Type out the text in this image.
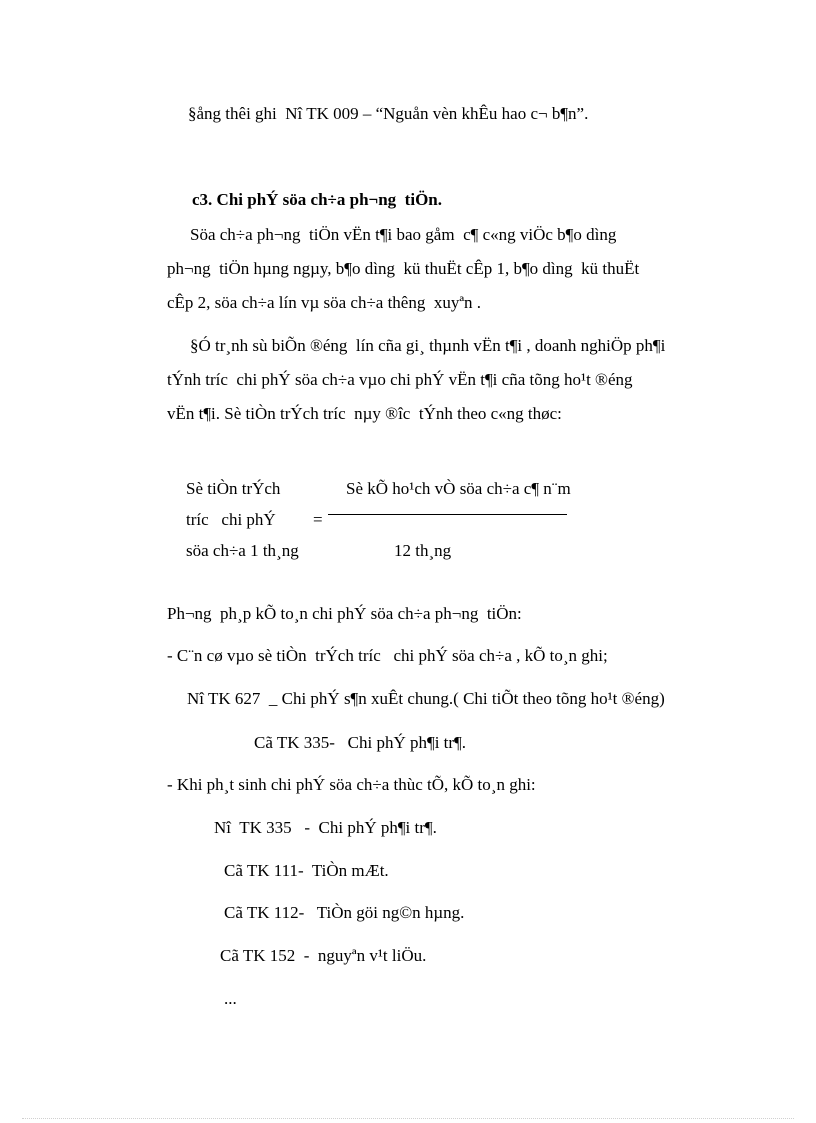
§ång thêi ghi  Nî TK 009 – “Nguån vèn khÊu hao c¬ b¶n”.
c3. Chi phÝ söa ch÷a ph¬ng  tiÖn.
Söa ch÷a ph¬ng  tiÖn vËn t¶i bao gåm  c¶ c«ng viÖc b¶o dìng
ph¬ng  tiÖn hµng ngµy, b¶o dìng  kü thuËt cÊp 1, b¶o dìng  kü thuËt
cÊp 2, söa ch÷a lín vµ söa ch÷a thêng  xuyªn .
§Ó tr¸nh sù biÕn ®éng  lín cña gi¸ thµnh vËn t¶i , doanh nghiÖp ph¶i
tÝnh tríc  chi phÝ söa ch÷a vµo chi phÝ vËn t¶i cña tõng ho¹t ®éng
vËn t¶i. Sè tiÒn trÝch tríc  nµy ®îc  tÝnh theo c«ng thøc:
Sè tiÒn trÝch
tríc   chi phÝ
söa ch÷a 1 th¸ng
=
Sè kÕ ho¹ch vÒ söa ch÷a c¶ n¨m
12 th¸ng
Ph¬ng  ph¸p kÕ to¸n chi phÝ söa ch÷a ph¬ng  tiÖn:
- C¨n cø vµo sè tiÒn  trÝch tríc   chi phÝ söa ch÷a , kÕ to¸n ghi;
Nî TK 627  _ Chi phÝ s¶n xuÊt chung.( Chi tiÕt theo tõng ho¹t ®éng)
Cã TK 335-   Chi phÝ ph¶i tr¶.
- Khi ph¸t sinh chi phÝ söa ch÷a thùc tÕ, kÕ to¸n ghi:
Nî  TK 335   -  Chi phÝ ph¶i tr¶.
Cã TK 111-  TiÒn mÆt.
Cã TK 112-   TiÒn göi ng©n hµng.
Cã TK 152  -  nguyªn v¹t liÖu.
...
